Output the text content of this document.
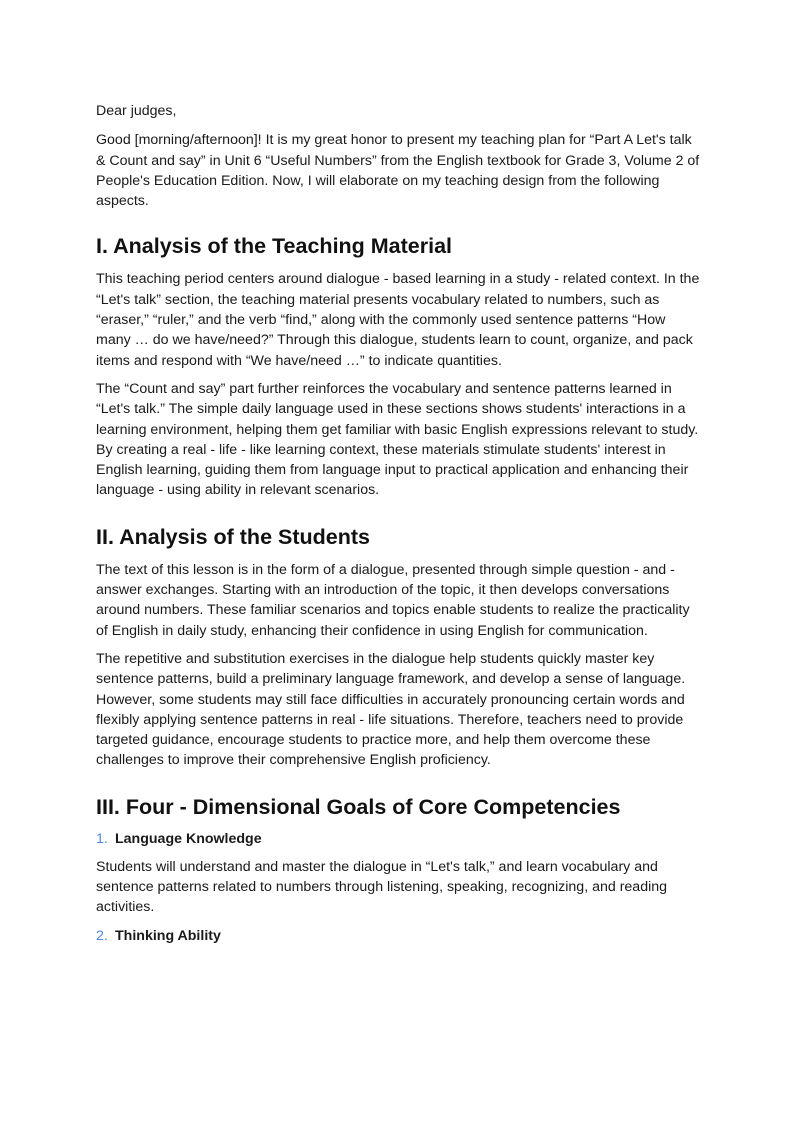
Dear judges,

Good [morning/afternoon]! It is my great honor to present my teaching plan for “Part A Let's talk & Count and say” in Unit 6 “Useful Numbers” from the English textbook for Grade 3, Volume 2 of People's Education Edition. Now, I will elaborate on my teaching design from the following aspects.

I. Analysis of the Teaching Material

This teaching period centers around dialogue - based learning in a study - related context. In the “Let's talk” section, the teaching material presents vocabulary related to numbers, such as “eraser,” “ruler,” and the verb “find,” along with the commonly used sentence patterns “How many … do we have/need?” Through this dialogue, students learn to count, organize, and pack items and respond with “We have/need …” to indicate quantities.

The “Count and say” part further reinforces the vocabulary and sentence patterns learned in “Let's talk.” The simple daily language used in these sections shows students' interactions in a learning environment, helping them get familiar with basic English expressions relevant to study. By creating a real - life - like learning context, these materials stimulate students' interest in English learning, guiding them from language input to practical application and enhancing their language - using ability in relevant scenarios.

II. Analysis of the Students

The text of this lesson is in the form of a dialogue, presented through simple question - and - answer exchanges. Starting with an introduction of the topic, it then develops conversations around numbers. These familiar scenarios and topics enable students to realize the practicality of English in daily study, enhancing their confidence in using English for communication.

The repetitive and substitution exercises in the dialogue help students quickly master key sentence patterns, build a preliminary language framework, and develop a sense of language. However, some students may still face difficulties in accurately pronouncing certain words and flexibly applying sentence patterns in real - life situations. Therefore, teachers need to provide targeted guidance, encourage students to practice more, and help them overcome these challenges to improve their comprehensive English proficiency.

III. Four - Dimensional Goals of Core Competencies
1. Language Knowledge

Students will understand and master the dialogue in “Let's talk,” and learn vocabulary and sentence patterns related to numbers through listening, speaking, recognizing, and reading activities.

2. Thinking Ability
